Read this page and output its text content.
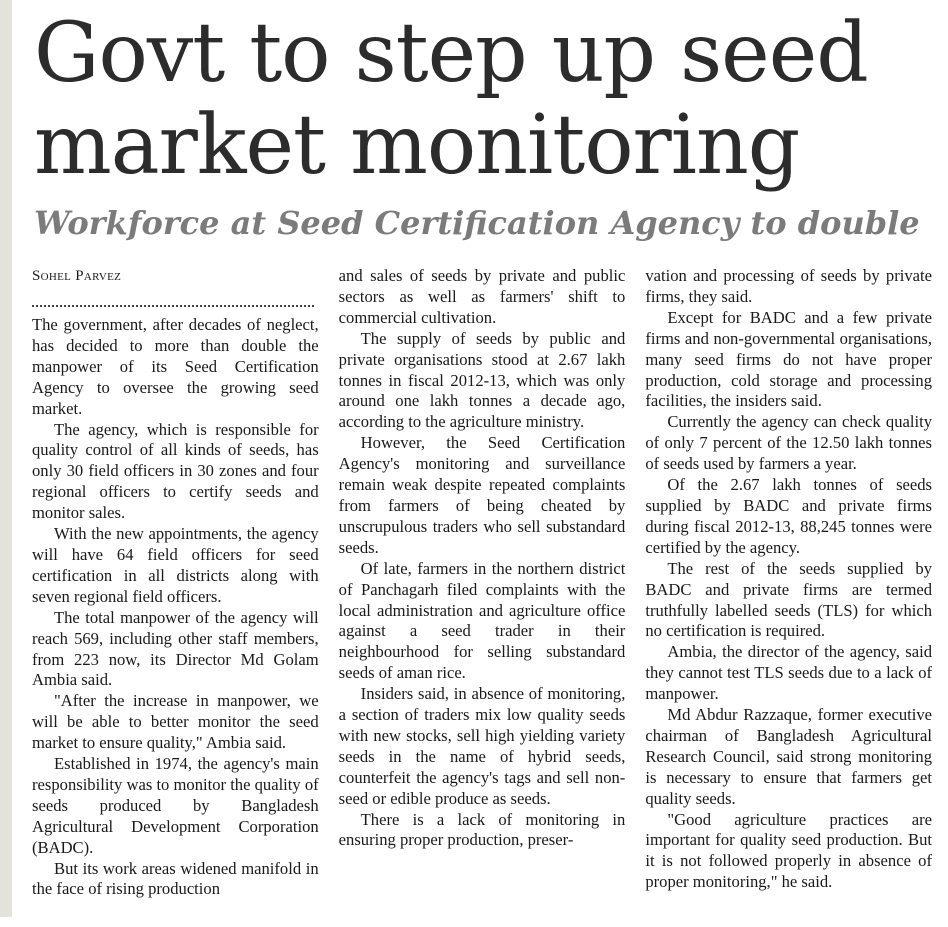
Govt to step up seed market monitoring
Workforce at Seed Certification Agency to double
Sohel Parvez

The government, after decades of neglect, has decided to more than double the manpower of its Seed Certification Agency to oversee the growing seed market.

The agency, which is responsible for quality control of all kinds of seeds, has only 30 field officers in 30 zones and four regional officers to certify seeds and monitor sales.

With the new appointments, the agency will have 64 field officers for seed certification in all districts along with seven regional field officers.

The total manpower of the agency will reach 569, including other staff members, from 223 now, its Director Md Golam Ambia said.

"After the increase in manpower, we will be able to better monitor the seed market to ensure quality," Ambia said.

Established in 1974, the agency's main responsibility was to monitor the quality of seeds produced by Bangladesh Agricultural Development Corporation (BADC).

But its work areas widened manifold in the face of rising production

and sales of seeds by private and public sectors as well as farmers' shift to commercial cultivation.

The supply of seeds by public and private organisations stood at 2.67 lakh tonnes in fiscal 2012-13, which was only around one lakh tonnes a decade ago, according to the agriculture ministry.

However, the Seed Certification Agency's monitoring and surveillance remain weak despite repeated complaints from farmers of being cheated by unscrupulous traders who sell substandard seeds.

Of late, farmers in the northern district of Panchagarh filed complaints with the local administration and agriculture office against a seed trader in their neighbourhood for selling substandard seeds of aman rice.

Insiders said, in absence of monitoring, a section of traders mix low quality seeds with new stocks, sell high yielding variety seeds in the name of hybrid seeds, counterfeit the agency's tags and sell non-seed or edible produce as seeds.

There is a lack of monitoring in ensuring proper production, preser-

vation and processing of seeds by private firms, they said.

Except for BADC and a few private firms and non-governmental organisations, many seed firms do not have proper production, cold storage and processing facilities, the insiders said.

Currently the agency can check quality of only 7 percent of the 12.50 lakh tonnes of seeds used by farmers a year.

Of the 2.67 lakh tonnes of seeds supplied by BADC and private firms during fiscal 2012-13, 88,245 tonnes were certified by the agency.

The rest of the seeds supplied by BADC and private firms are termed truthfully labelled seeds (TLS) for which no certification is required.

Ambia, the director of the agency, said they cannot test TLS seeds due to a lack of manpower.

Md Abdur Razzaque, former executive chairman of Bangladesh Agricultural Research Council, said strong monitoring is necessary to ensure that farmers get quality seeds.

"Good agriculture practices are important for quality seed production. But it is not followed properly in absence of proper monitoring," he said.
